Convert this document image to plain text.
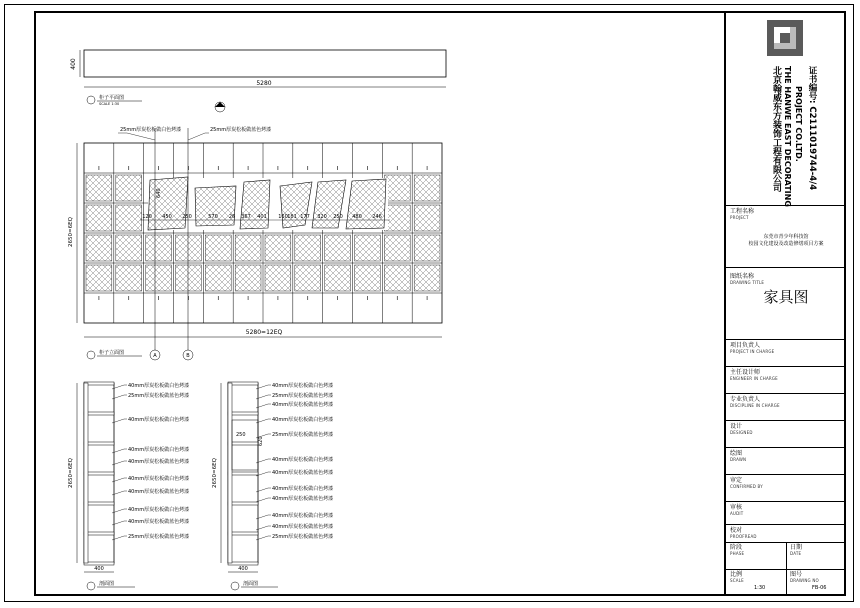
400
5280
柜子平面图
SCALE 1:30
120 450 250	570 26 367 401 160 181 177 320 250 480 246
640
25mm厚炭松板做白色烤漆	25mm厚炭松板做蓝色烤漆
2650=6EQ
5280=12EQ
柜子立面图	A	B
2650=6EQ
400
剖面图
40mm厚炭松板做白色烤漆
25mm厚炭松板做蓝色烤漆
40mm厚炭松板做白色烤漆
40mm厚炭松板做白色烤漆
40mm厚炭松板做蓝色烤漆
40mm厚炭松板做白色烤漆
40mm厚炭松板做蓝色烤漆
40mm厚炭松板做白色烤漆
40mm厚炭松板做蓝色烤漆
25mm厚炭松板做蓝色烤漆
2650=6EQ
250
620
400
剖面图
40mm厚炭松板做白色烤漆
25mm厚炭松板做蓝色烤漆
40mm厚炭松板做蓝色烤漆
40mm厚炭松板做白色烤漆
25mm厚炭松板做蓝色烤漆
40mm厚炭松板做白色烤漆
40mm厚炭松板做蓝色烤漆
40mm厚炭松板做白色烤漆
40mm厚炭松板做蓝色烤漆
40mm厚炭松板做白色烤漆
40mm厚炭松板做蓝色烤漆
25mm厚炭松板做蓝色烤漆
北京翰威东方装饰工程有限公司 THE HANWE EAST DECORATING PROJECT CO.LTD. 证书编号: C2111019744-4/4
工程名称
PROJECT
东莞市青少年科技馆
校园文化建设及改造修缮项目方案
图纸名称
DRAWING TITLE
家具图
项目负责人
PROJECT IN CHARGE
主任设计师
ENGINEER IN CHARGE
专业负责人
DISCIPLINE IN CHARGE
设计
DESIGNED
绘图
DRAWN
审定
CONFIRMED BY
审核
AUDIT
校对
PROOFREAD
阶段
PHASE
日期
DATE
比例
SCALE
1:30
图号
DRAWING NO
FB-06
